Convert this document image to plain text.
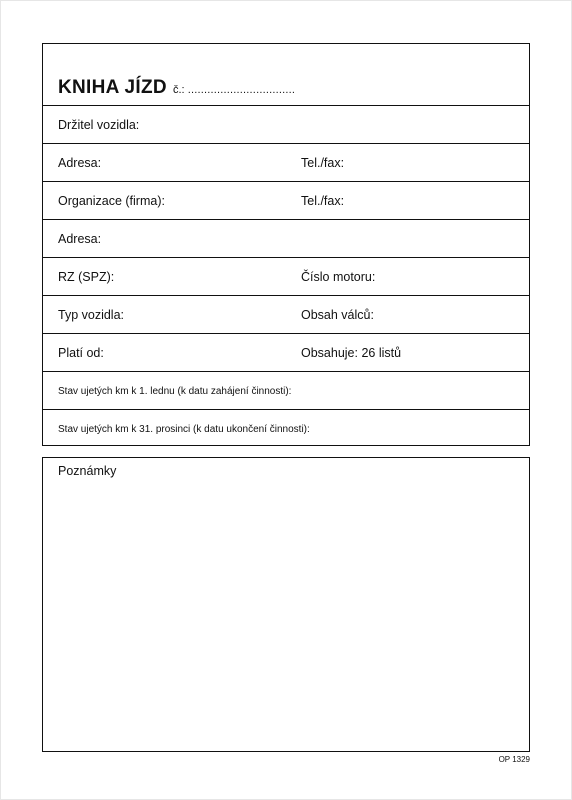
KNIHA JÍZD č.: .................................
Držitel vozidla:
Adresa:	Tel./fax:
Organizace (firma):	Tel./fax:
Adresa:
RZ (SPZ):	Číslo motoru:
Typ vozidla:	Obsah válců:
Platí od:	Obsahuje: 26 listů
Stav ujetých km k 1. lednu (k datu zahájení činnosti):
Stav ujetých km k 31. prosinci (k datu ukončení činnosti):
Poznámky
OP 1329
